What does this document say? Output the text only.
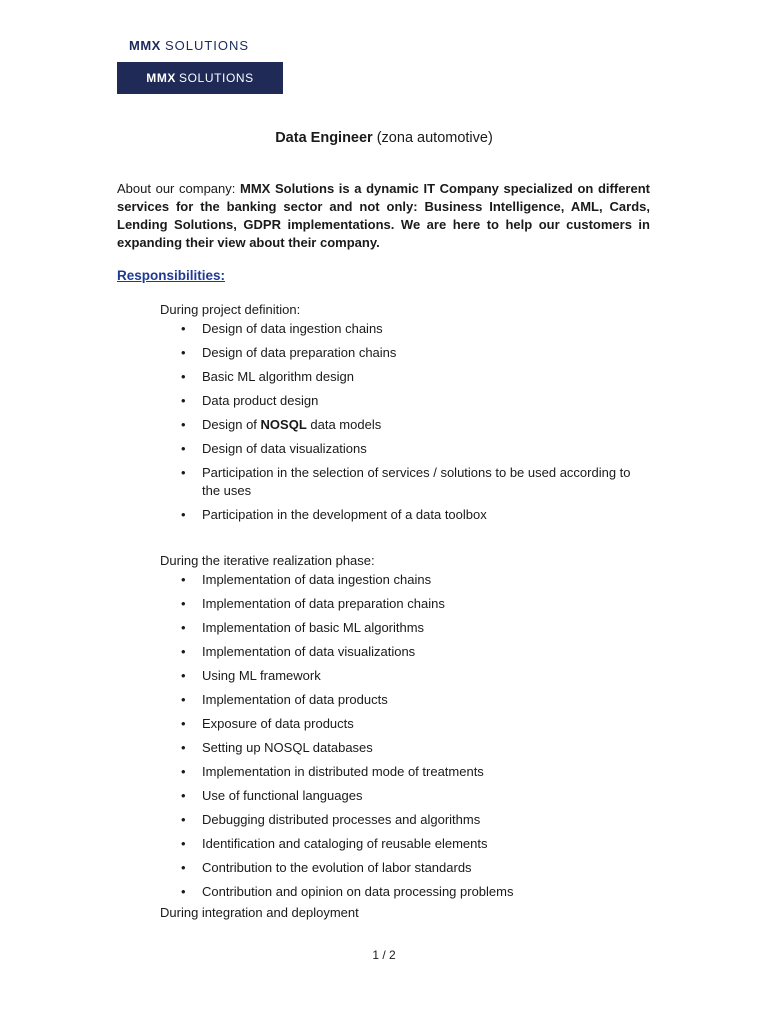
MMX SOLUTIONS
MMX SOLUTIONS
Data Engineer (zona automotive)
About our company: MMX Solutions is a dynamic IT Company specialized on different services for the banking sector and not only: Business Intelligence, AML, Cards, Lending Solutions, GDPR implementations. We are here to help our customers in expanding their view about their company.
Responsibilities:
During project definition:
• Design of data ingestion chains
• Design of data preparation chains
• Basic ML algorithm design
• Data product design
• Design of NOSQL data models
• Design of data visualizations
• Participation in the selection of services / solutions to be used according to the uses
• Participation in the development of a data toolbox
During the iterative realization phase:
• Implementation of data ingestion chains
• Implementation of data preparation chains
• Implementation of basic ML algorithms
• Implementation of data visualizations
• Using ML framework
• Implementation of data products
• Exposure of data products
• Setting up NOSQL databases
• Implementation in distributed mode of treatments
• Use of functional languages
• Debugging distributed processes and algorithms
• Identification and cataloging of reusable elements
• Contribution to the evolution of labor standards
• Contribution and opinion on data processing problems
During integration and deployment
1 / 2
